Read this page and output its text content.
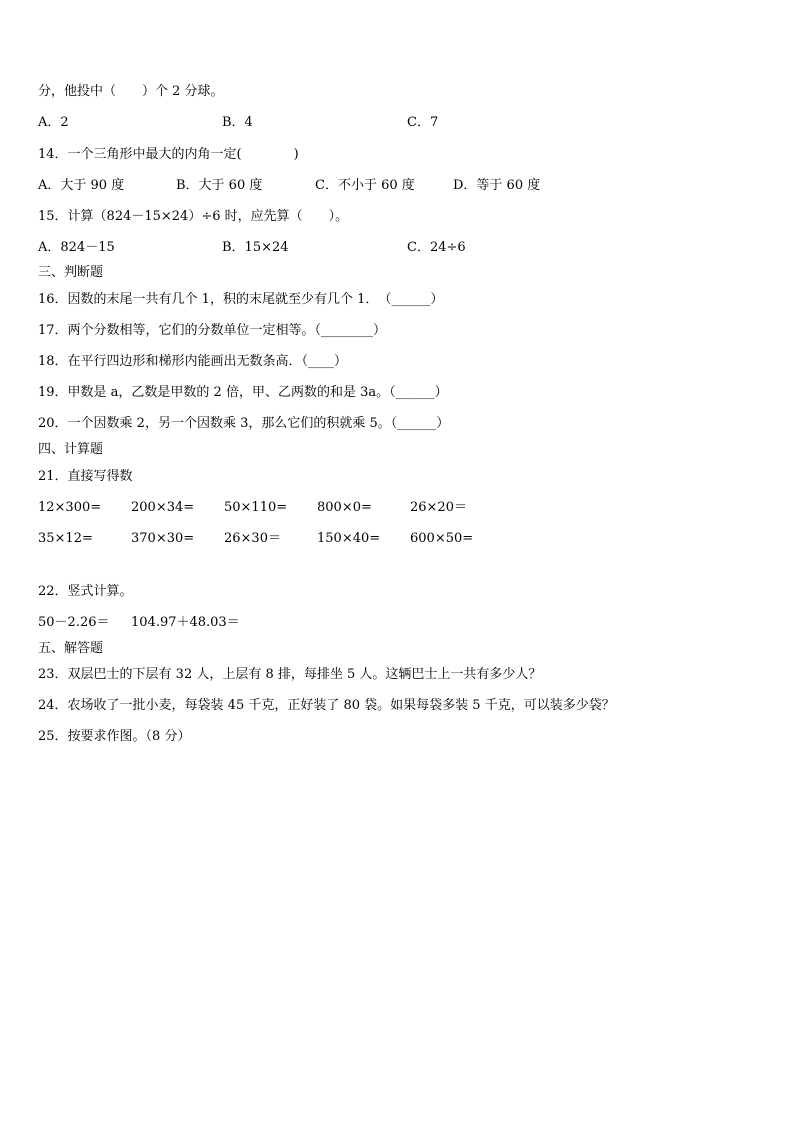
分，他投中（　　）个 2 分球。
A．2	B．4	C．7
14．一个三角形中最大的内角一定(　　　　)
A．大于 90 度	B．大于 60 度	C．不小于 60 度	D．等于 60 度
15．计算（824－15×24）÷6 时，应先算（　　）。
A．824－15	B．15×24	C．24÷6
三、判断题
16．因数的末尾一共有几个 1，积的末尾就至少有几个 1．　（______）
17．两个分数相等，它们的分数单位一定相等。（________）
18．在平行四边形和梯形内能画出无数条高．（____）
19．甲数是 a，乙数是甲数的 2 倍，甲、乙两数的和是 3a。（______）
20．一个因数乘 2，另一个因数乘 3，那么它们的积就乘 5。（______）
四、计算题
21．直接写得数
12×300= 200×34= 50×110= 800×0=	26×20＝
35×12=	370×30= 26×30＝	150×40= 600×50=
22．竖式计算。
50－2.26＝ 104.97＋48.03＝
五、解答题
23．双层巴士的下层有 32 人，上层有 8 排，每排坐 5 人。这辆巴士上一共有多少人？
24．农场收了一批小麦，每袋装 45 千克，正好装了 80 袋。如果每袋多装 5 千克，可以装多少袋？
25．按要求作图。（8 分）
